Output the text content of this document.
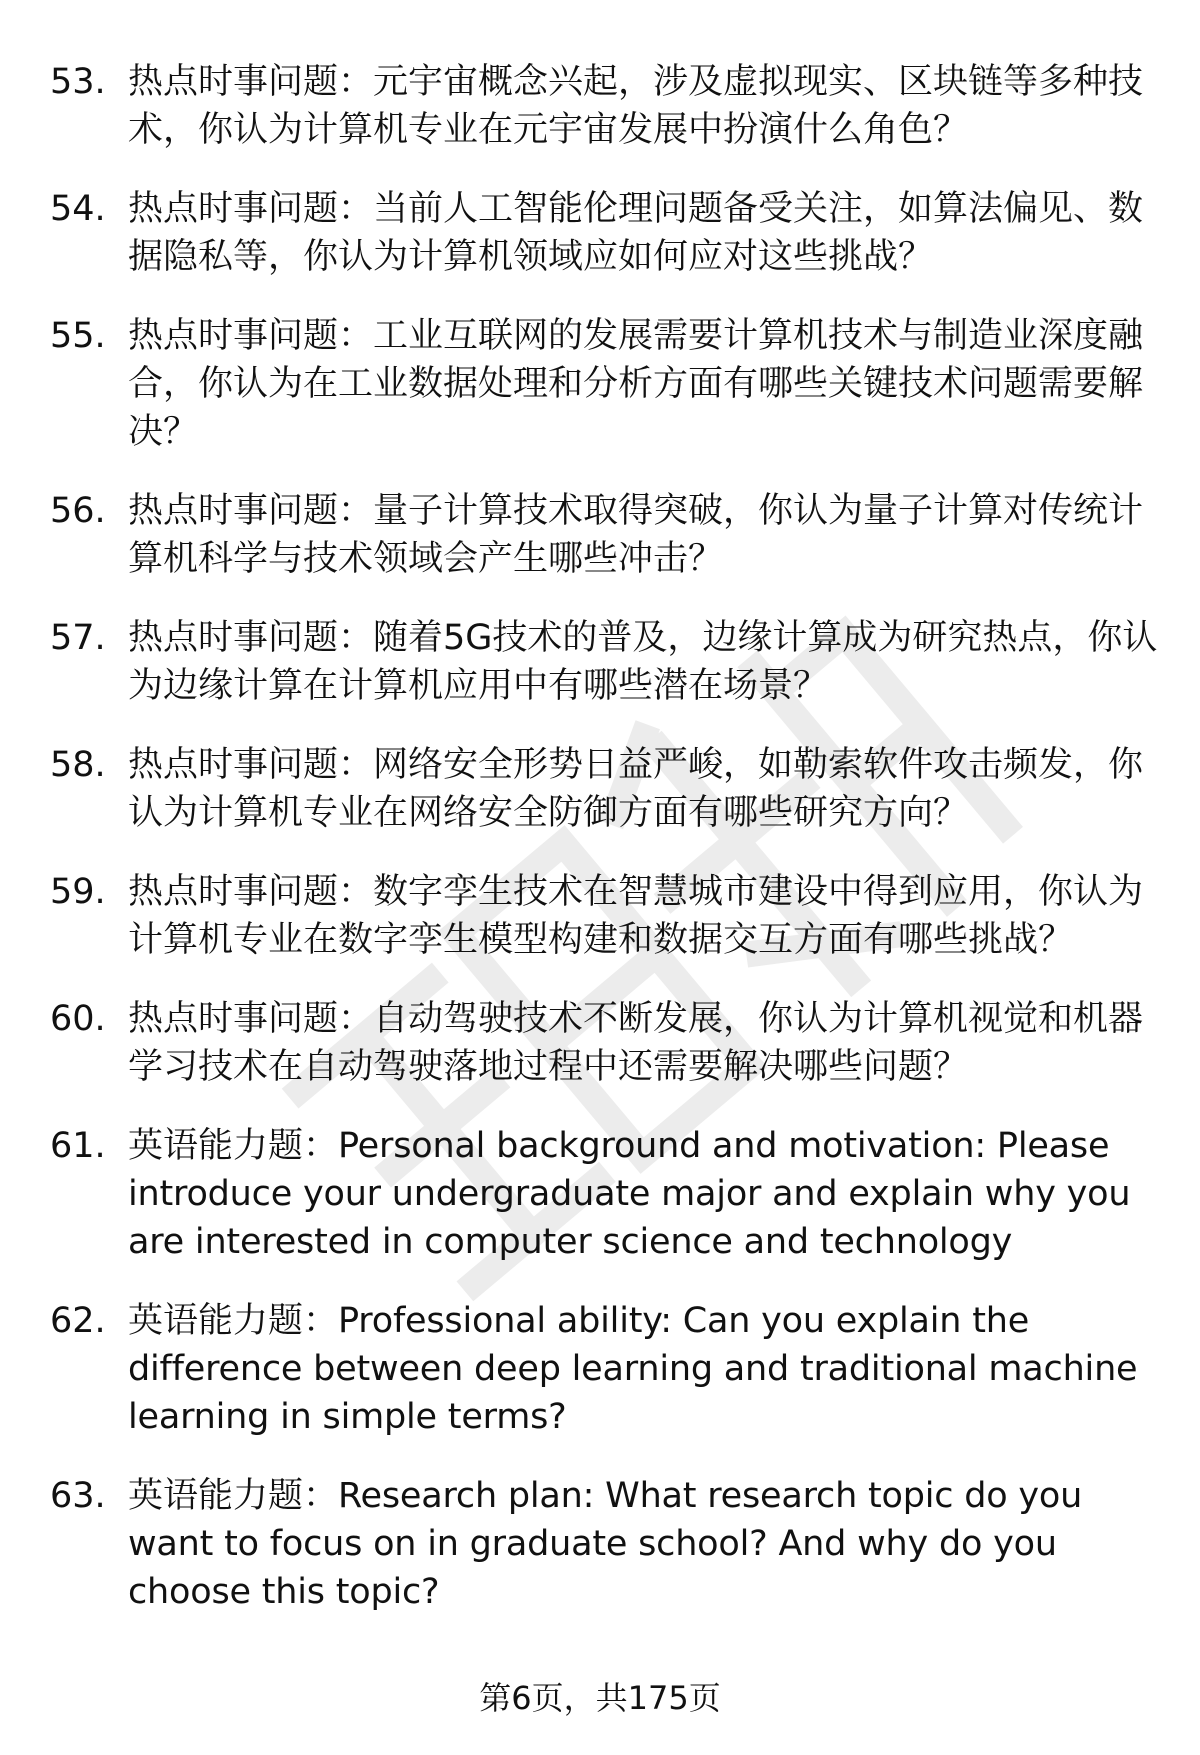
53. 热点时事问题：元宇宙概念兴起，涉及虚拟现实、区块链等多种技术，你认为计算机专业在元宇宙发展中扮演什么角色？
54. 热点时事问题：当前人工智能伦理问题备受关注，如算法偏见、数据隐私等，你认为计算机领域应如何应对这些挑战？
55. 热点时事问题：工业互联网的发展需要计算机技术与制造业深度融合，你认为在工业数据处理和分析方面有哪些关键技术问题需要解决？
56. 热点时事问题：量子计算技术取得突破，你认为量子计算对传统计算机科学与技术领域会产生哪些冲击？
57. 热点时事问题：随着5G技术的普及，边缘计算成为研究热点，你认为边缘计算在计算机应用中有哪些潜在场景？
58. 热点时事问题：网络安全形势日益严峻，如勒索软件攻击频发，你认为计算机专业在网络安全防御方面有哪些研究方向？
59. 热点时事问题：数字孪生技术在智慧城市建设中得到应用，你认为计算机专业在数字孪生模型构建和数据交互方面有哪些挑战？
60. 热点时事问题：自动驾驶技术不断发展，你认为计算机视觉和机器学习技术在自动驾驶落地过程中还需要解决哪些问题？
61. 英语能力题：Personal background and motivation: Please introduce your undergraduate major and explain why you are interested in computer science and technology
62. 英语能力题：Professional ability: Can you explain the difference between deep learning and traditional machine learning in simple terms?
63. 英语能力题：Research plan: What research topic do you want to focus on in graduate school? And why do you choose this topic?
第6页，共175页
